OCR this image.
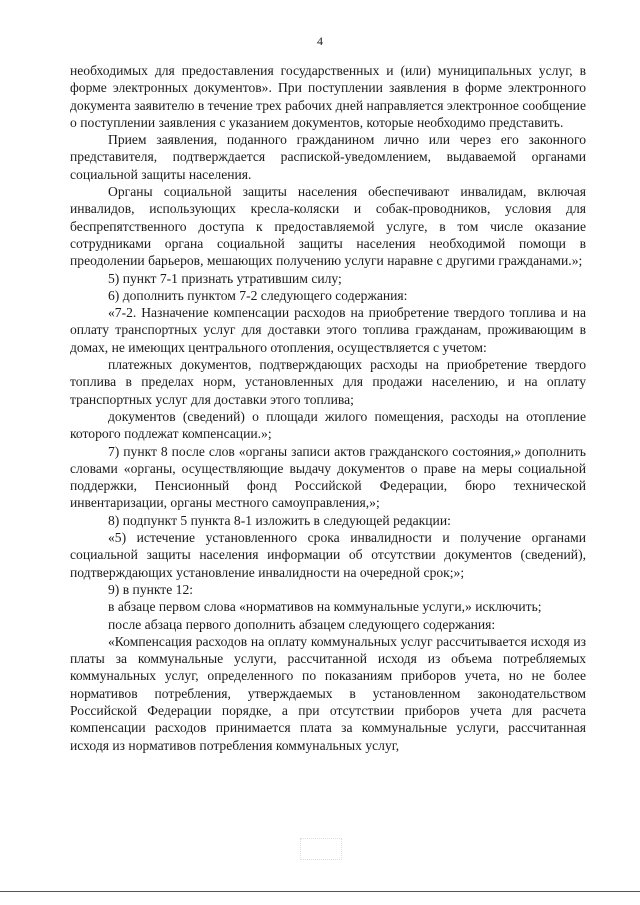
4

необходимых для предоставления государственных и (или) муниципальных услуг, в форме электронных документов». При поступлении заявления в форме электронного документа заявителю в течение трех рабочих дней направляется электронное сообщение о поступлении заявления с указанием документов, которые необходимо представить.

Прием заявления, поданного гражданином лично или через его законного представителя, подтверждается распиской-уведомлением, выдаваемой органами социальной защиты населения.

Органы социальной защиты населения обеспечивают инвалидам, включая инвалидов, использующих кресла-коляски и собак-проводников, условия для беспрепятственного доступа к предоставляемой услуге, в том числе оказание сотрудниками органа социальной защиты населения необходимой помощи в преодолении барьеров, мешающих получению услуги наравне с другими гражданами.»;

5) пункт 7-1 признать утратившим силу;

6) дополнить пунктом 7-2 следующего содержания:

«7-2. Назначение компенсации расходов на приобретение твердого топлива и на оплату транспортных услуг для доставки этого топлива гражданам, проживающим в домах, не имеющих центрального отопления, осуществляется с учетом:

платежных документов, подтверждающих расходы на приобретение твердого топлива в пределах норм, установленных для продажи населению, и на оплату транспортных услуг для доставки этого топлива;

документов (сведений) о площади жилого помещения, расходы на отопление которого подлежат компенсации.»;

7) пункт 8 после слов «органы записи актов гражданского состояния,» дополнить словами «органы, осуществляющие выдачу документов о праве на меры социальной поддержки, Пенсионный фонд Российской Федерации, бюро технической инвентаризации, органы местного самоуправления,»;

8) подпункт 5 пункта 8-1 изложить в следующей редакции:

«5) истечение установленного срока инвалидности и получение органами социальной защиты населения информации об отсутствии документов (сведений), подтверждающих установление инвалидности на очередной срок;»;

9) в пункте 12:

в абзаце первом слова «нормативов на коммунальные услуги,» исключить;

после абзаца первого дополнить абзацем следующего содержания:

«Компенсация расходов на оплату коммунальных услуг рассчитывается исходя из платы за коммунальные услуги, рассчитанной исходя из объема потребляемых коммунальных услуг, определенного по показаниям приборов учета, но не более нормативов потребления, утверждаемых в установленном законодательством Российской Федерации порядке, а при отсутствии приборов учета для расчета компенсации расходов принимается плата за коммунальные услуги, рассчитанная исходя из нормативов потребления коммунальных услуг,
